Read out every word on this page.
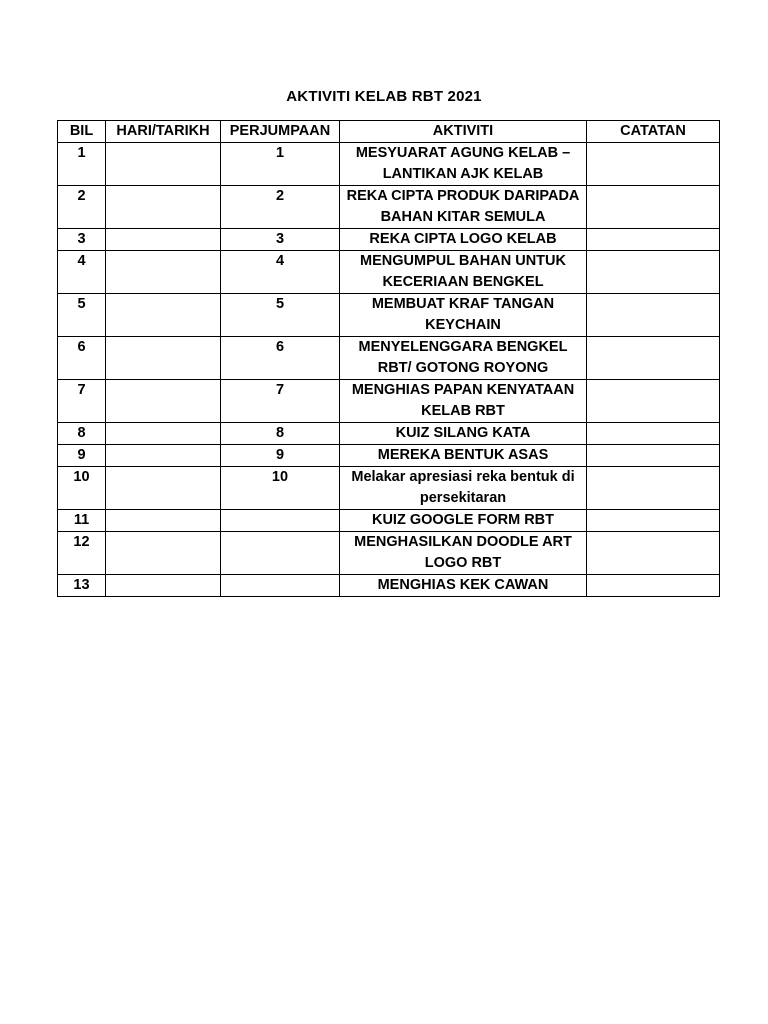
AKTIVITI KELAB RBT 2021
BIL	HARI/TARIKH	PERJUMPAAN	AKTIVITI	CATATAN
1		1	MESYUARAT AGUNG KELAB – LANTIKAN AJK KELAB	
2		2	REKA CIPTA PRODUK DARIPADA BAHAN KITAR SEMULA	
3		3	REKA CIPTA LOGO KELAB	
4		4	MENGUMPUL BAHAN UNTUK KECERIAAN BENGKEL	
5		5	MEMBUAT KRAF TANGAN KEYCHAIN	
6		6	MENYELENGGARA BENGKEL RBT/ GOTONG ROYONG	
7		7	MENGHIAS PAPAN KENYATAAN KELAB RBT	
8		8	KUIZ SILANG KATA	
9		9	MEREKA BENTUK ASAS	
10		10	Melakar apresiasi reka bentuk di persekitaran	
11			KUIZ GOOGLE FORM RBT	
12			MENGHASILKAN DOODLE ART LOGO RBT	
13			MENGHIAS KEK CAWAN	
